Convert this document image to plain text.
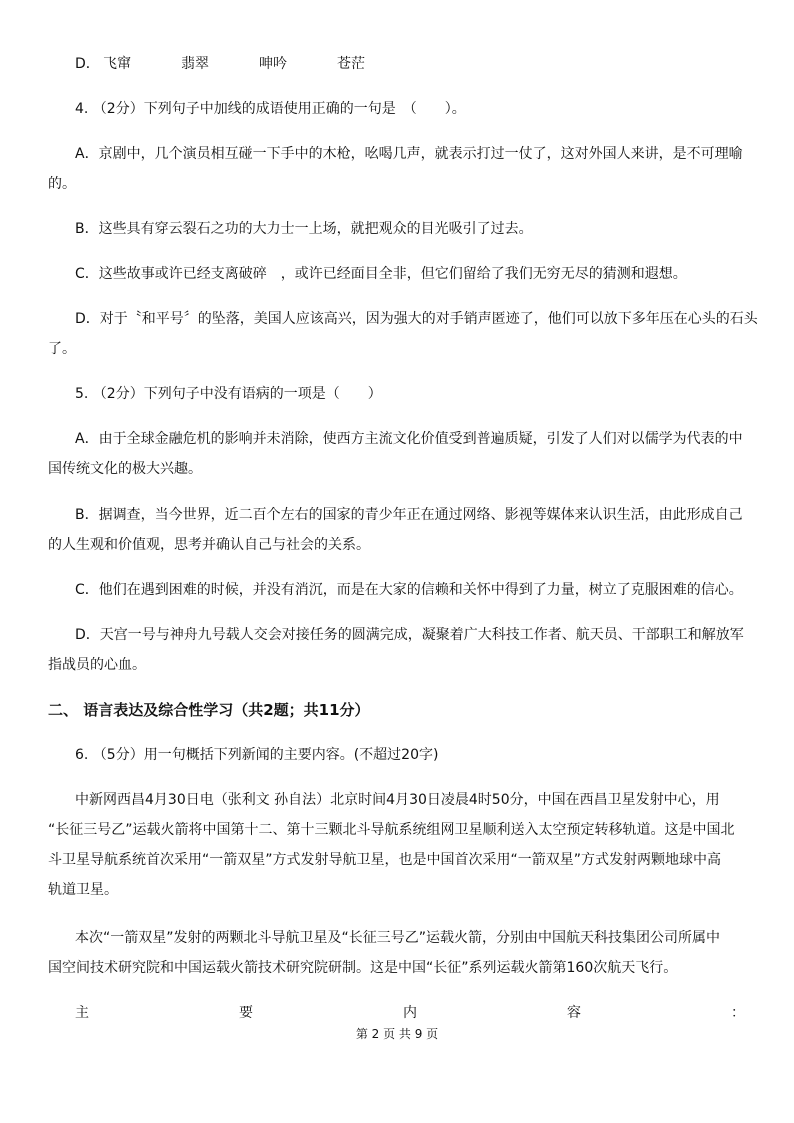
D． 飞窜	翡翠	呻吟	苍茫
4. （2分）下列句子中加线的成语使用正确的一句是　（　　）。
A．京剧中，几个演员相互碰一下手中的木枪，吆喝几声，就表示打过一仗了，这对外国人来讲，是不可理喻
的。
B．这些具有穿云裂石之功的大力士一上场，就把观众的目光吸引了过去。
C．这些故事或许已经支离破碎　，或许已经面目全非，但它们留给了我们无穷无尽的猜测和遐想。
D．对于〝和平号〞的坠落，美国人应该高兴，因为强大的对手销声匿迹了，他们可以放下多年压在心头的石头
了。
5. （2分）下列句子中没有语病的一项是（　　）
A．由于全球金融危机的影响并未消除，使西方主流文化价值受到普遍质疑，引发了人们对以儒学为代表的中
国传统文化的极大兴趣。
B．据调查，当今世界，近二百个左右的国家的青少年正在通过网络、影视等媒体来认识生活，由此形成自己
的人生观和价值观，思考并确认自己与社会的关系。
C．他们在遇到困难的时候，并没有消沉，而是在大家的信赖和关怀中得到了力量，树立了克服困难的信心。
D．天宫一号与神舟九号载人交会对接任务的圆满完成，凝聚着广大科技工作者、航天员、干部职工和解放军
指战员的心血。
二、 语言表达及综合性学习（共2题；共11分）
6. （5分）用一句概括下列新闻的主要内容。(不超过20字)
中新网西昌4月30日电（张利文 孙自法）北京时间4月30日凌晨4时50分，中国在西昌卫星发射中心，用
“长征三号乙”运载火箭将中国第十二、第十三颗北斗导航系统组网卫星顺利送入太空预定转移轨道。这是中国北
斗卫星导航系统首次采用“一箭双星”方式发射导航卫星，也是中国首次采用“一箭双星”方式发射两颗地球中高
轨道卫星。
本次“一箭双星”发射的两颗北斗导航卫星及“长征三号乙”运载火箭，分别由中国航天科技集团公司所属中
国空间技术研究院和中国运载火箭技术研究院研制。这是中国“长征”系列运载火箭第160次航天飞行。
主	要	内	容	：
第 2 页 共 9 页
